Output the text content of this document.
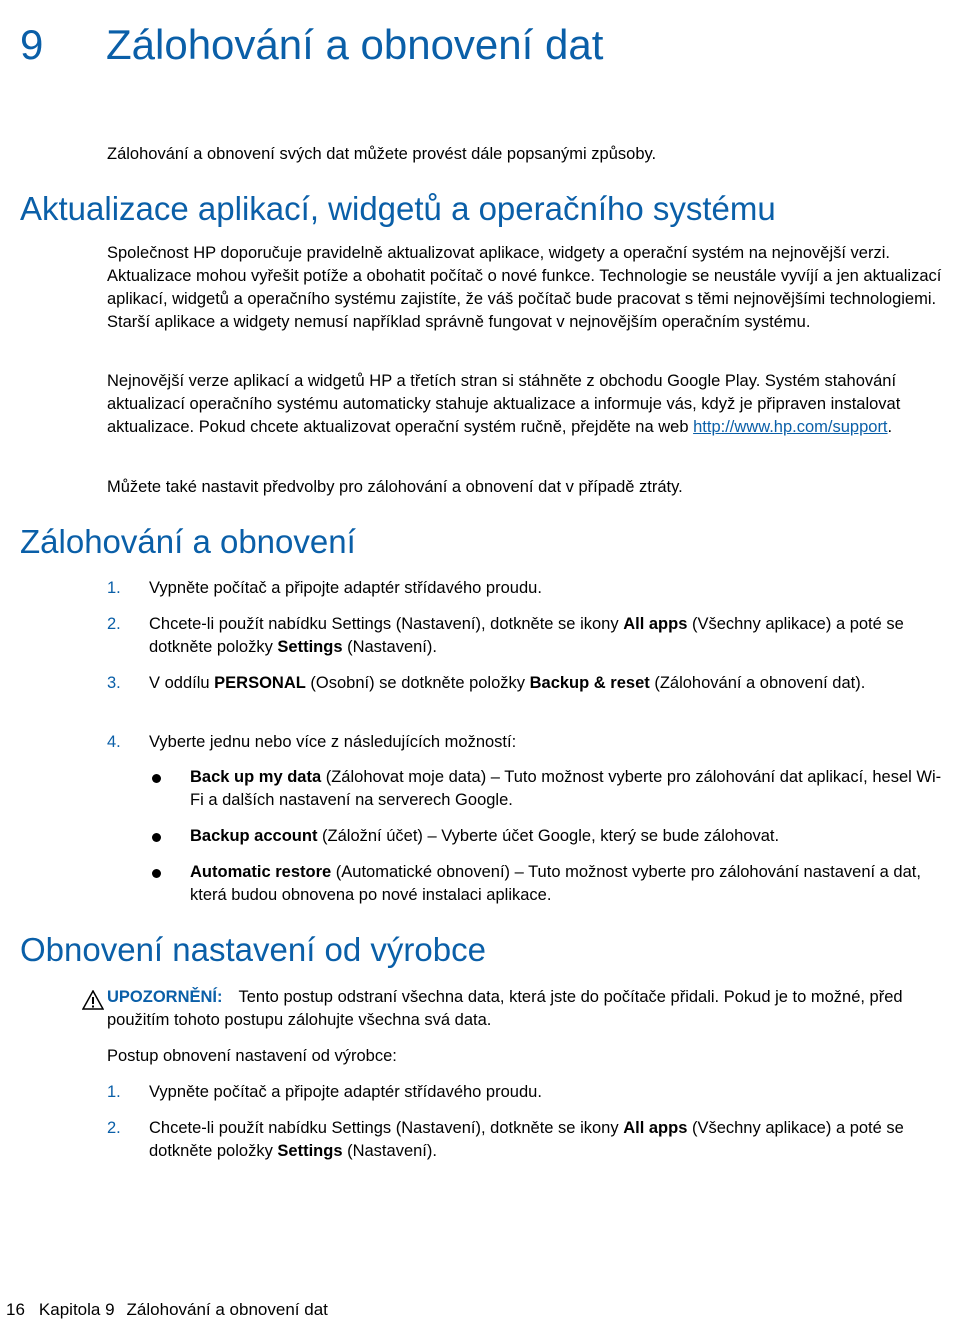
9 Zálohování a obnovení dat

Zálohování a obnovení svých dat můžete provést dále popsanými způsoby.

Aktualizace aplikací, widgetů a operačního systému

Společnost HP doporučuje pravidelně aktualizovat aplikace, widgety a operační systém na nejnovější verzi. Aktualizace mohou vyřešit potíže a obohatit počítač o nové funkce. Technologie se neustále vyvíjí a jen aktualizací aplikací, widgetů a operačního systému zajistíte, že váš počítač bude pracovat s těmi nejnovějšími technologiemi. Starší aplikace a widgety nemusí například správně fungovat v nejnovějším operačním systému.

Nejnovější verze aplikací a widgetů HP a třetích stran si stáhněte z obchodu Google Play. Systém stahování aktualizací operačního systému automaticky stahuje aktualizace a informuje vás, když je připraven instalovat aktualizace. Pokud chcete aktualizovat operační systém ručně, přejděte na web http://www.hp.com/support.

Můžete také nastavit předvolby pro zálohování a obnovení dat v případě ztráty.

Zálohování a obnovení
1.	Vypněte počítač a připojte adaptér střídavého proudu.
2.	Chcete-li použít nabídku Settings (Nastavení), dotkněte se ikony All apps (Všechny aplikace) a poté se dotkněte položky Settings (Nastavení).
3.	V oddílu PERSONAL (Osobní) se dotkněte položky Backup & reset (Zálohování a obnovení dat).
4.	Vyberte jednu nebo více z následujících možností:
Back up my data (Zálohovat moje data) – Tuto možnost vyberte pro zálohování dat aplikací, hesel Wi-Fi a dalších nastavení na serverech Google.
Backup account (Záložní účet) – Vyberte účet Google, který se bude zálohovat.
Automatic restore (Automatické obnovení) – Tuto možnost vyberte pro zálohování nastavení a dat, která budou obnovena po nové instalaci aplikace.
Obnovení nastavení od výrobce

UPOZORNĚNÍ: Tento postup odstraní všechna data, která jste do počítače přidali. Pokud je to možné, před použitím tohoto postupu zálohujte všechna svá data.

Postup obnovení nastavení od výrobce:

1.	Vypněte počítač a připojte adaptér střídavého proudu.
2.	Chcete-li použít nabídku Settings (Nastavení), dotkněte se ikony All apps (Všechny aplikace) a poté se dotkněte položky Settings (Nastavení).
16 Kapitola 9 Zálohování a obnovení dat
